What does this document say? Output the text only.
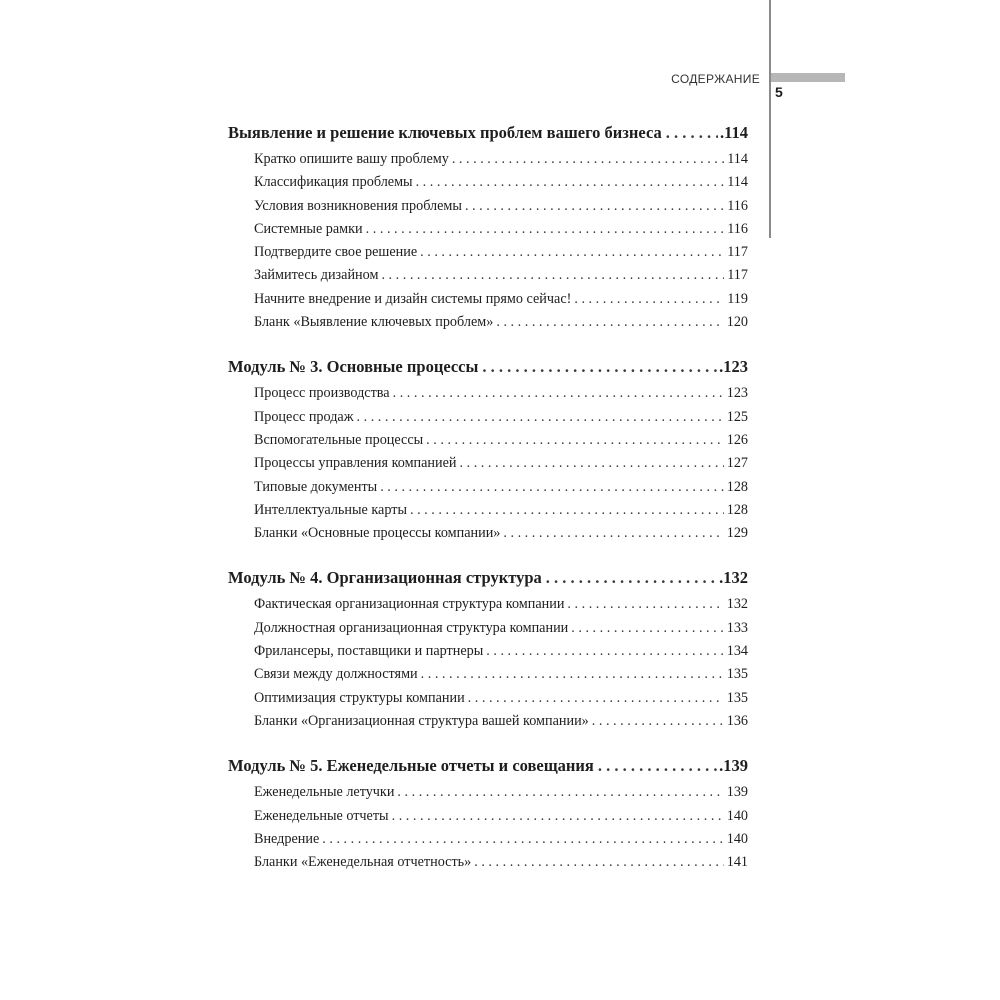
СОДЕРЖАНИЕ
5
Выявление и решение ключевых проблем вашего бизнеса . . .	. 114
Кратко опишите вашу проблему . . .	114
Классификация проблемы . . .	114
Условия возникновения проблемы . . .	116
Системные рамки . . .	116
Подтвердите свое решение . . .	117
Займитесь дизайном . . .	117
Начните внедрение и дизайн системы прямо сейчас! . . .	119
Бланк «Выявление ключевых проблем» . . .	120
Модуль № 3. Основные процессы . . .	. 123
Процесс производства . . .	123
Процесс продаж . . .	125
Вспомогательные процессы . . .	126
Процессы управления компанией . . .	127
Типовые документы . . .	128
Интеллектуальные карты . . .	128
Бланки «Основные процессы компании» . . .	129
Модуль № 4. Организационная структура . . .	. 132
Фактическая организационная структура компании . . .	132
Должностная организационная структура компании . . .	133
Фрилансеры, поставщики и партнеры . . .	134
Связи между должностями . . .	135
Оптимизация структуры компании . . .	135
Бланки «Организационная структура вашей компании» . . .	136
Модуль № 5. Еженедельные отчеты и совещания . . .	. 139
Еженедельные летучки . . .	139
Еженедельные отчеты . . .	140
Внедрение . . .	140
Бланки «Еженедельная отчетность» . . .	141
